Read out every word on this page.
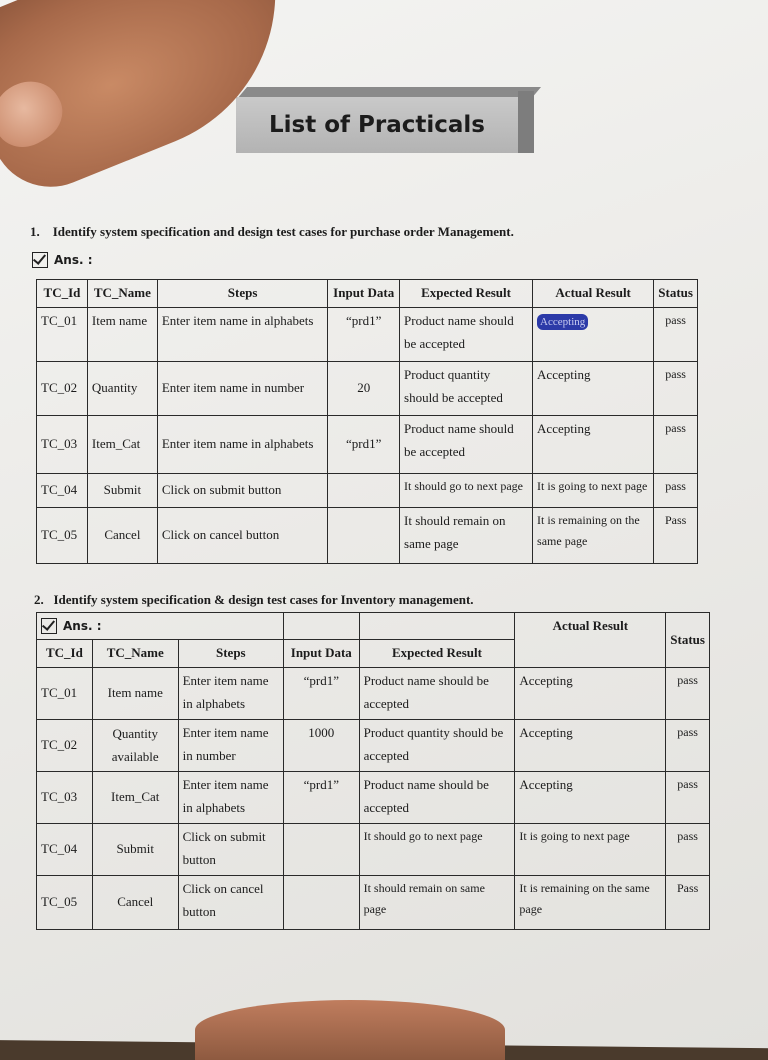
List of Practicals
1. Identify system specification and design test cases for purchase order Management.
Ans. :
TC_Id	TC_Name	Steps	Input Data	Expected Result	Actual Result	Status
TC_01	Item name	Enter item name in alphabets	“prd1”	Product name should be accepted	Accepting	pass
TC_02	Quantity	Enter item name in number	20	Product quantity should be accepted	Accepting	pass
TC_03	Item_Cat	Enter item name in alphabets	“prd1”	Product name should be accepted	Accepting	pass
TC_04	Submit	Click on submit button		It should go to next page	It is going to next page	pass
TC_05	Cancel	Click on cancel button		It should remain on same page	It is remaining on the same page	Pass
2. Identify system specification & design test cases for Inventory management.
Ans. :					Actual Result	Status
TC_Id	TC_Name	Steps	Input Data	Expected Result		
TC_01	Item name	Enter item name in alphabets	“prd1”	Product name should be accepted	Accepting	pass
TC_02	Quantity available	Enter item name in number	1000	Product quantity should be accepted	Accepting	pass
TC_03	Item_Cat	Enter item name in alphabets	“prd1”	Product name should be accepted	Accepting	pass
TC_04	Submit	Click on submit button		It should go to next page	It is going to next page	pass
TC_05	Cancel	Click on cancel button		It should remain on same page	It is remaining on the same page	Pass
